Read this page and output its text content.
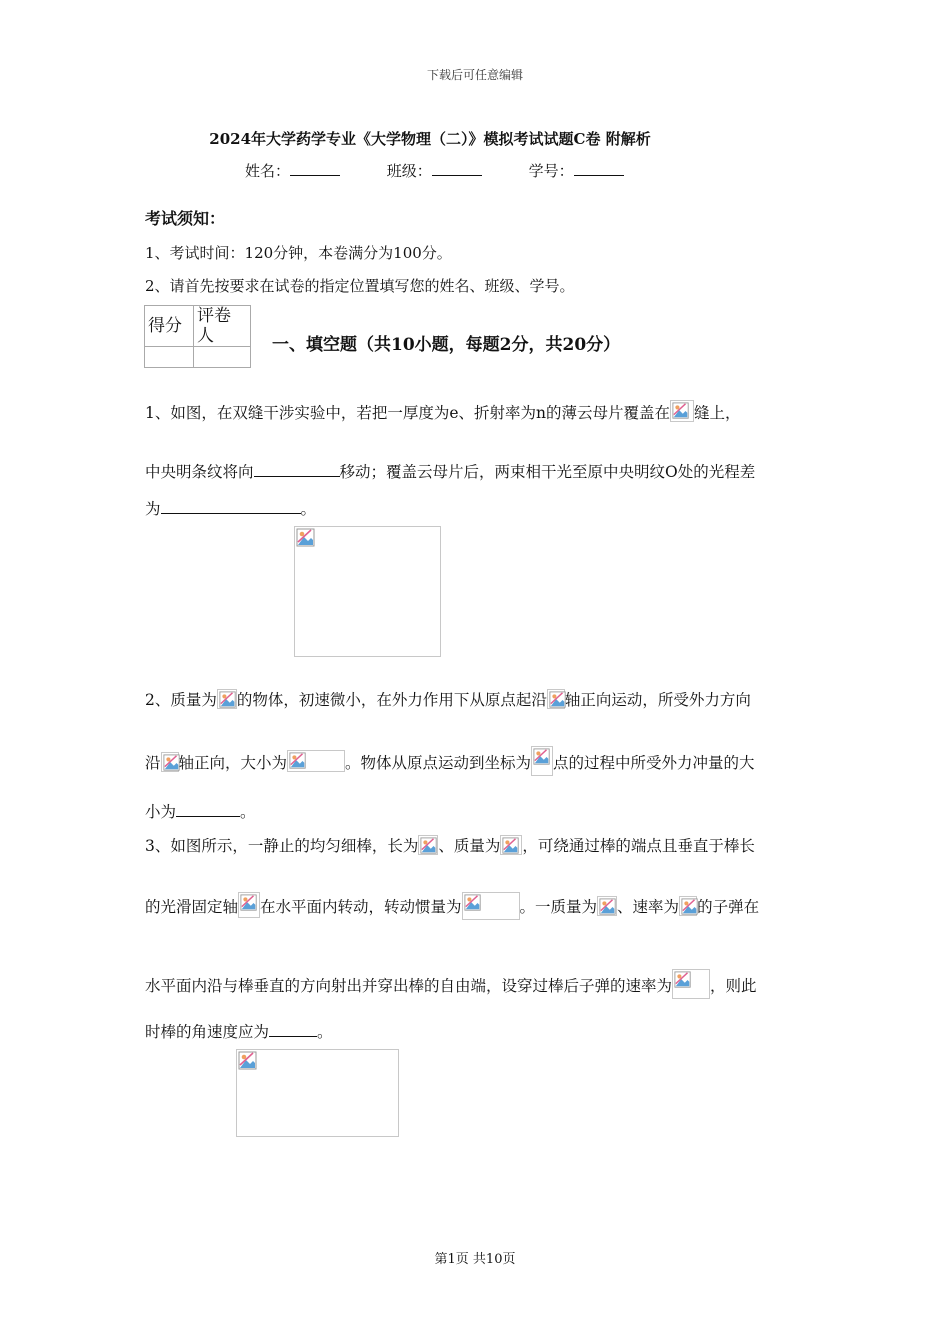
下载后可任意编辑
2024年大学药学专业《大学物理（二）》模拟考试试题C卷 附解析
姓名：	班级：	学号：
考试须知：
1、考试时间：120分钟，本卷满分为100分。
2、请首先按要求在试卷的指定位置填写您的姓名、班级、学号。
得分	评卷人
		一、填空题（共10小题，每题2分，共20分）
1、如图，在双缝干涉实验中，若把一厚度为e、折射率为n的薄云母片覆盖在 缝上，
中央明条纹将向	移动；覆盖云母片后，两束相干光至原中央明纹O处的光程差
为	。
2、质量为 的物体，初速微小，在外力作用下从原点起沿 轴正向运动，所受外力方向
沿 轴正向，大小为	。物体从原点运动到坐标为 点的过程中所受外力冲量的大
小为	。
3、如图所示，一静止的均匀细棒，长为 、质量为 ，可绕通过棒的端点且垂直于棒长
的光滑固定轴 在水平面内转动，转动惯量为	。一质量为 、速率为 的子弹在
水平面内沿与棒垂直的方向射出并穿出棒的自由端，设穿过棒后子弹的速率为 ，则此
时棒的角速度应为	。
第1页 共10页
